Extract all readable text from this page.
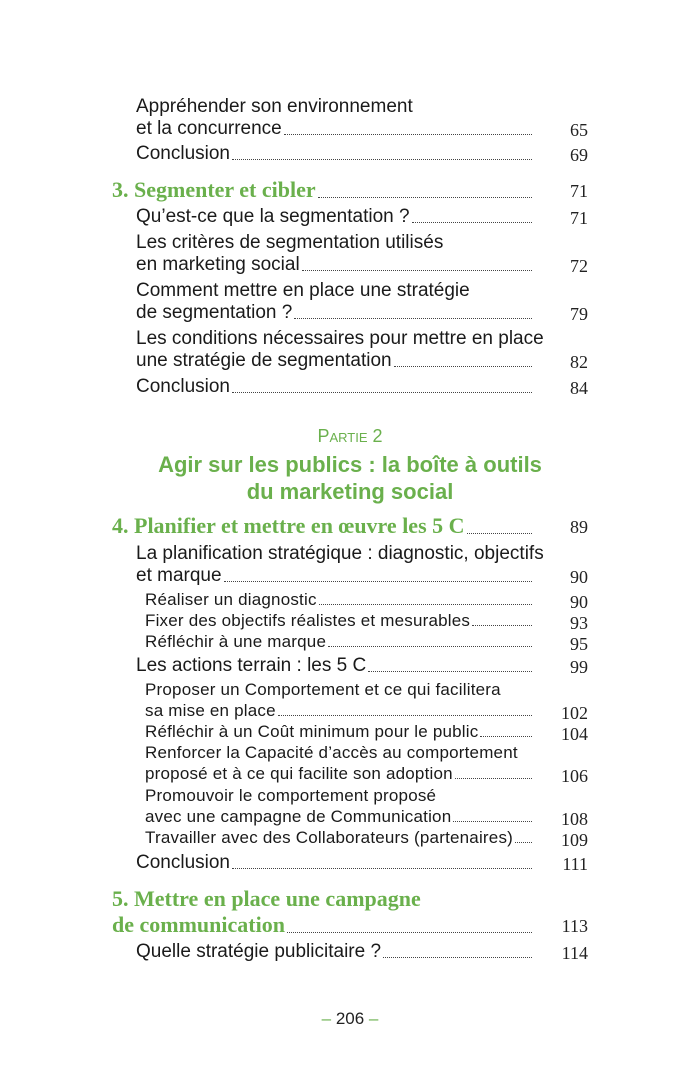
Appréhender son environnement
et la concurrence	65
Conclusion	69
3. Segmenter et cibler	71
Qu’est-ce que la segmentation ?	71
Les critères de segmentation utilisés
en marketing social	72
Comment mettre en place une stratégie
de segmentation ?	79
Les conditions nécessaires pour mettre en place
une stratégie de segmentation	82
Conclusion	84
4. Planifier et mettre en œuvre les 5 C	89
La planification stratégique : diagnostic, objectifs
et marque	90
Réaliser un diagnostic	90
Fixer des objectifs réalistes et mesurables	93
Réfléchir à une marque	95
Les actions terrain : les 5 C	99
Proposer un Comportement et ce qui facilitera
sa mise en place	102
Réfléchir à un Coût minimum pour le public	104
Renforcer la Capacité d’accès au comportement
proposé et à ce qui facilite son adoption	106
Promouvoir le comportement proposé
avec une campagne de Communication	108
Travailler avec des Collaborateurs (partenaires)	109
Conclusion	111
5. Mettre en place une campagne
de communication	113
Quelle stratégie publicitaire ?	114
Partie 2
Agir sur les publics : la boîte à outils
du marketing social
– 206 –
